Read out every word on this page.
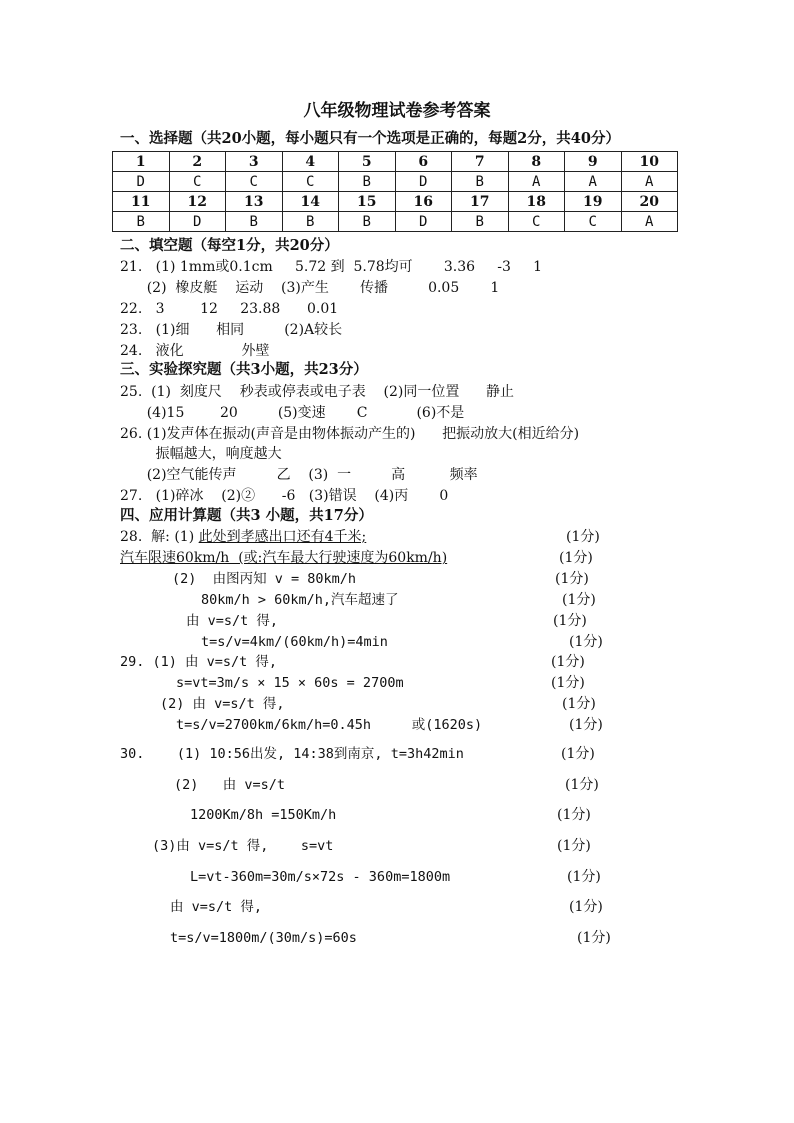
八年级物理试卷参考答案
一、选择题（共20小题，每小题只有一个选项是正确的，每题2分，共40分）
1	2	3	4	5	6	7	8	9	10
D	C	C	C	B	D	B	A	A	A
11	12	13	14	15	16	17	18	19	20
B	D	B	B	B	D	B	C	C	A
二、填空题（每空1分，共20分）
21.   (1) 1mm或0.1cm     5.72 到  5.78均可       3.36     -3     1
(2)  橡皮艇    运动    (3)产生       传播         0.05       1
22.   3        12     23.88      0.01
23.   (1)细      相同         (2)A较长
24.   液化             外壁
三、实验探究题（共3小题，共23分）
25.  (1)  刻度尺    秒表或停表或电子表    (2)同一位置      静止
(4)15        20         (5)变速       C           (6)不是
26. (1)发声体在振动(声音是由物体振动产生的)      把振动放大(相近给分)
振幅越大，响度越大
(2)空气能传声         乙    (3)  一         高          频率
27.   (1)碎冰    (2)②      -6   (3)错误    (4)丙       0
四、应用计算题（共3 小题，共17分）
28.  解: (1) 此处到孝感出口还有4千米;	(1分)
汽车限速60km/h  (或:汽车最大行驶速度为60km/h)	(1分)
(2)  由图丙知 v = 80km/h	(1分)
80km/h > 60km/h,汽车超速了	(1分)
由 v=s/t 得,	(1分)
t=s/v=4km/(60km/h)=4min	(1分)
29. (1) 由 v=s/t 得,	(1分)
s=vt=3m/s × 15 × 60s = 2700m	(1分)
(2) 由 v=s/t 得,	(1分)
t=s/v=2700km/6km/h=0.45h     或(1620s)	(1分)
30.    (1) 10:56出发, 14:38到南京, t=3h42min	(1分)
(2)   由 v=s/t	(1分)
1200Km/8h =150Km/h	(1分)
(3)由 v=s/t 得,    s=vt	(1分)
L=vt-360m=30m/s×72s - 360m=1800m	(1分)
由 v=s/t 得,	(1分)
t=s/v=1800m/(30m/s)=60s	(1分)
